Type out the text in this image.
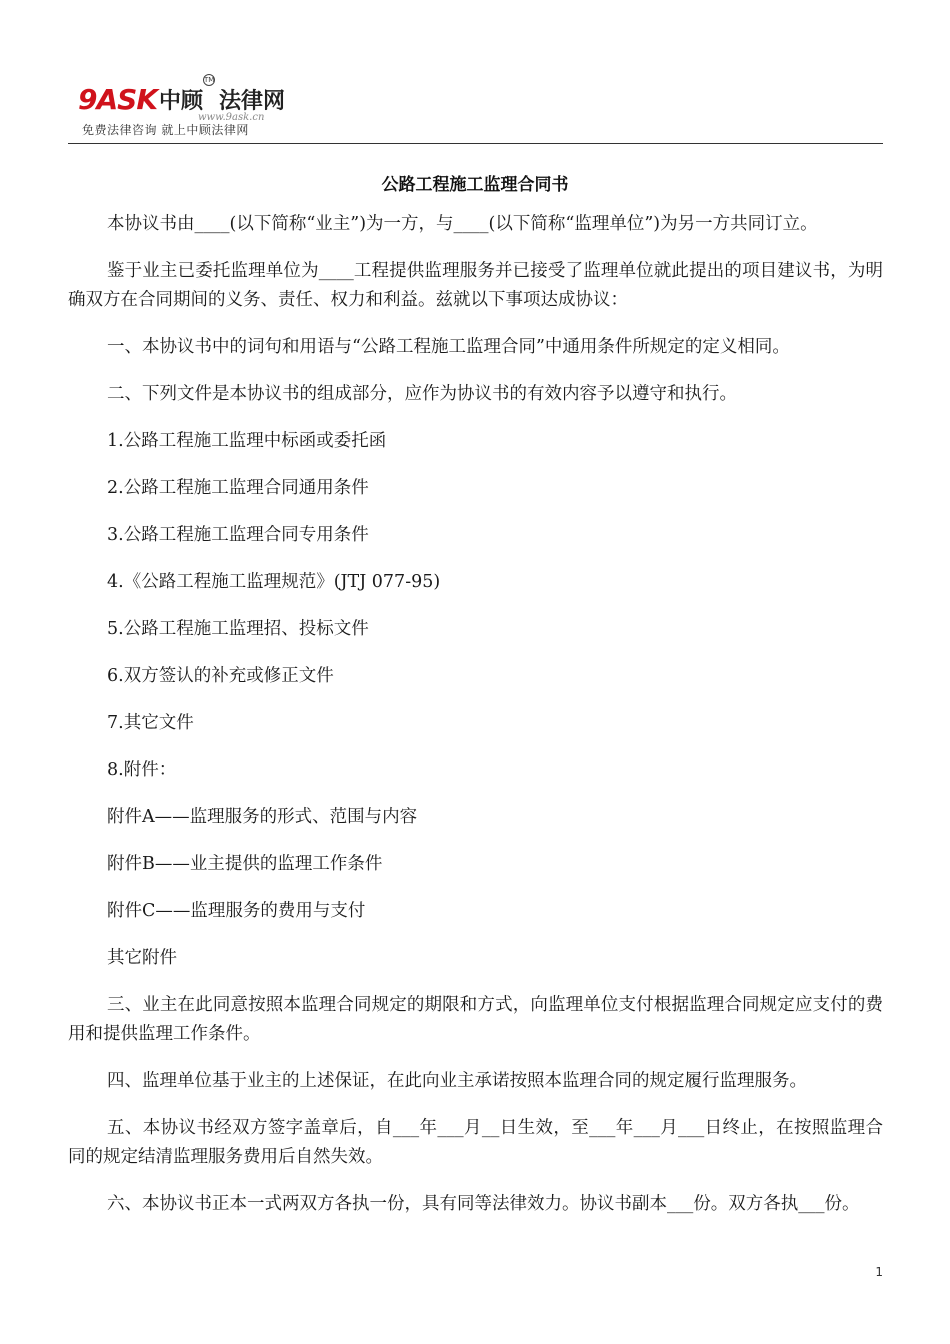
9ASK 中顾
TM
法律网
www.9ask.cn
免费法律咨询 就上中顾法律网
公路工程施工监理合同书

本协议书由____(以下简称“业主”)为一方，与____(以下简称“监理单位”)为另一方共同订立。

鉴于业主已委托监理单位为____工程提供监理服务并已接受了监理单位就此提出的项目建议书，为明确双方在合同期间的义务、责任、权力和利益。兹就以下事项达成协议：

一、本协议书中的词句和用语与“公路工程施工监理合同”中通用条件所规定的定义相同。

二、下列文件是本协议书的组成部分，应作为协议书的有效内容予以遵守和执行。

1.公路工程施工监理中标函或委托函

2.公路工程施工监理合同通用条件

3.公路工程施工监理合同专用条件

4.《公路工程施工监理规范》(JTJ 077-95)

5.公路工程施工监理招、投标文件

6.双方签认的补充或修正文件

7.其它文件

8.附件：

附件A——监理服务的形式、范围与内容

附件B——业主提供的监理工作条件

附件C——监理服务的费用与支付

其它附件

三、业主在此同意按照本监理合同规定的期限和方式，向监理单位支付根据监理合同规定应支付的费用和提供监理工作条件。

四、监理单位基于业主的上述保证，在此向业主承诺按照本监理合同的规定履行监理服务。

五、本协议书经双方签字盖章后，自___年___月__日生效，至___年___月___日终止，在按照监理合同的规定结清监理服务费用后自然失效。

六、本协议书正本一式两双方各执一份，具有同等法律效力。协议书副本___份。双方各执___份。

1
